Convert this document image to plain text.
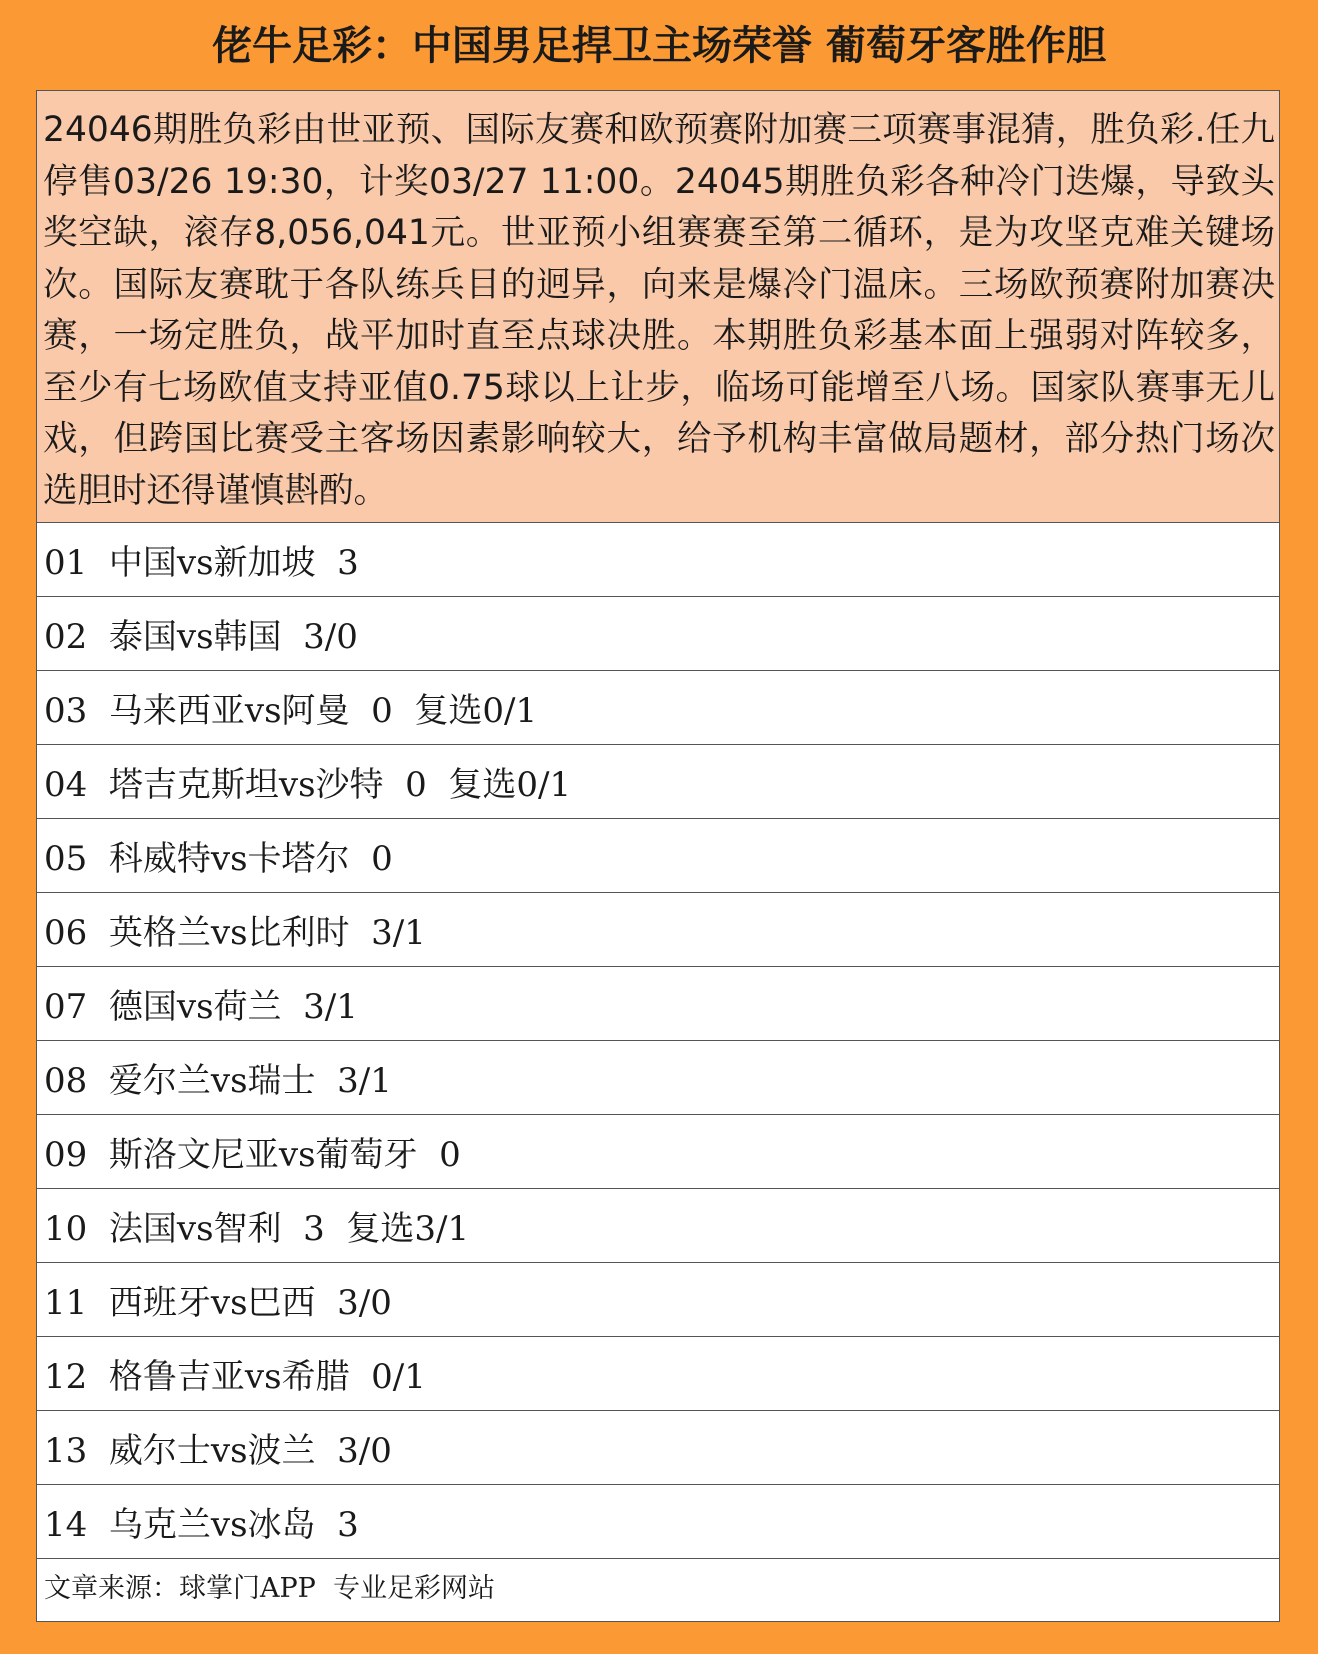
佬牛足彩：中国男足捍卫主场荣誉 葡萄牙客胜作胆
24046期胜负彩由世亚预、国际友赛和欧预赛附加赛三项赛事混猜，胜负彩.任九停售03/26 19:30，计奖03/27 11:00。24045期胜负彩各种冷门迭爆，导致头奖空缺，滚存8,056,041元。世亚预小组赛赛至第二循环，是为攻坚克难关键场次。国际友赛耽于各队练兵目的迥异，向来是爆冷门温床。三场欧预赛附加赛决赛，一场定胜负，战平加时直至点球决胜。本期胜负彩基本面上强弱对阵较多，至少有七场欧值支持亚值0.75球以上让步，临场可能增至八场。国家队赛事无儿戏，但跨国比赛受主客场因素影响较大，给予机构丰富做局题材，部分热门场次选胆时还得谨慎斟酌。
01  中国vs新加坡  3
02  泰国vs韩国  3/0
03  马来西亚vs阿曼  0  复选0/1
04  塔吉克斯坦vs沙特  0  复选0/1
05  科威特vs卡塔尔  0
06  英格兰vs比利时  3/1
07  德国vs荷兰  3/1
08  爱尔兰vs瑞士  3/1
09  斯洛文尼亚vs葡萄牙  0
10  法国vs智利  3  复选3/1
11  西班牙vs巴西  3/0
12  格鲁吉亚vs希腊  0/1
13  威尔士vs波兰  3/0
14  乌克兰vs冰岛  3
文章来源：球掌门APP  专业足彩网站
